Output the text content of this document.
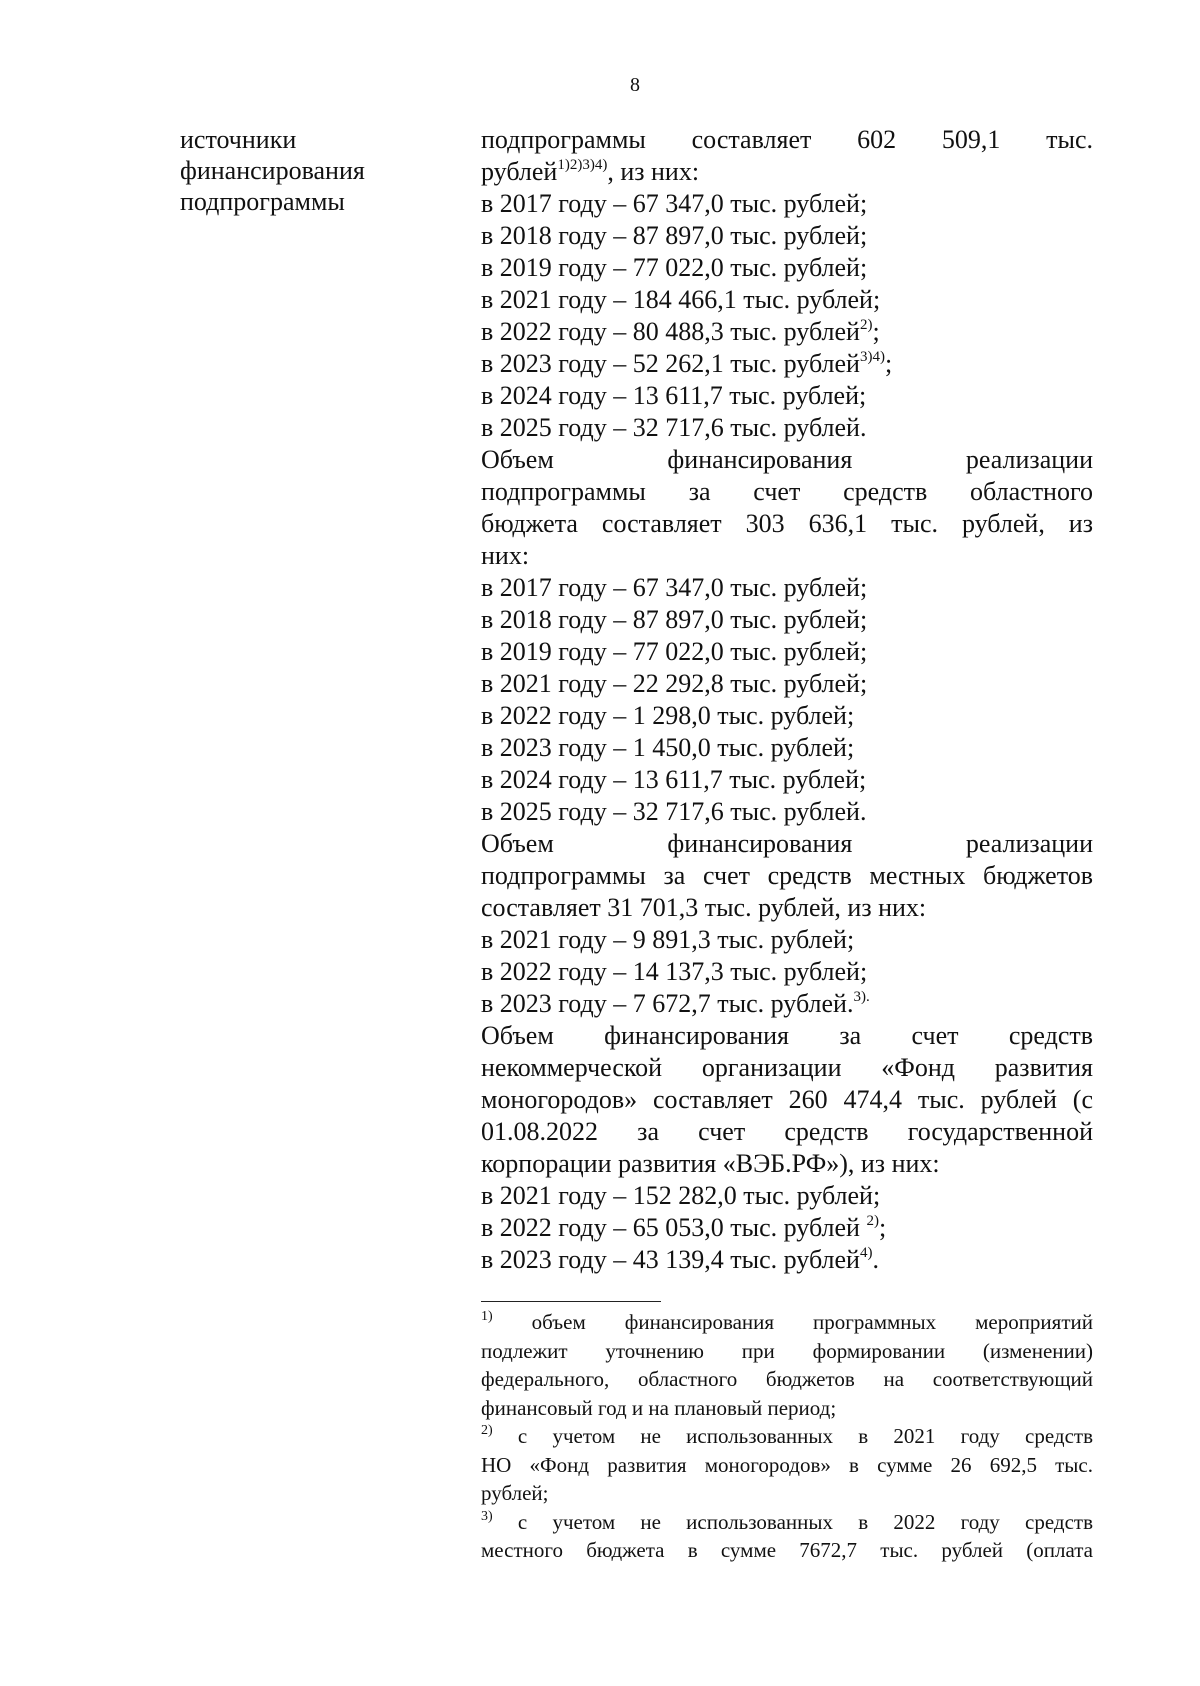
8
источники
финансирования
подпрограммы
подпрограммы составляет 602 509,1 тыс.
рублей$^{1)2)3)4)}$, из них:
в 2017 году – 67 347,0 тыс. рублей;
в 2018 году – 87 897,0 тыс. рублей;
в 2019 году – 77 022,0 тыс. рублей;
в 2021 году – 184 466,1 тыс. рублей;
в 2022 году – 80 488,3 тыс. рублей$^{2)}$;
в 2023 году – 52 262,1 тыс. рублей$^{3)4)}$;
в 2024 году – 13 611,7 тыс. рублей;
в 2025 году – 32 717,6 тыс. рублей.
Объем финансирования реализации
подпрограммы за счет средств областного
бюджета составляет 303 636,1 тыс. рублей, из
них:
в 2017 году – 67 347,0 тыс. рублей;
в 2018 году – 87 897,0 тыс. рублей;
в 2019 году – 77 022,0 тыс. рублей;
в 2021 году – 22 292,8 тыс. рублей;
в 2022 году – 1 298,0 тыс. рублей;
в 2023 году – 1 450,0 тыс. рублей;
в 2024 году – 13 611,7 тыс. рублей;
в 2025 году – 32 717,6 тыс. рублей.
Объем финансирования реализации
подпрограммы за счет средств местных бюджетов
составляет 31 701,3 тыс. рублей, из них:
в 2021 году – 9 891,3 тыс. рублей;
в 2022 году – 14 137,3 тыс. рублей;
в 2023 году – 7 672,7 тыс. рублей.$^{3).}$
Объем финансирования за счет средств
некоммерческой организации «Фонд развития
моногородов» составляет 260 474,4 тыс. рублей (с
01.08.2022 за счет средств государственной
корпорации развития «ВЭБ.РФ»), из них:
в 2021 году – 152 282,0 тыс. рублей;
в 2022 году – 65 053,0 тыс. рублей $^{2)}$;
в 2023 году – 43 139,4 тыс. рублей$^{4)}$.
$^{1)}$ объем финансирования программных мероприятий
подлежит уточнению при формировании (изменении)
федерального, областного бюджетов на соответствующий
финансовый год и на плановый период;
$^{2)}$ с учетом не использованных в 2021 году средств
НО «Фонд развития моногородов» в сумме 26 692,5 тыс.
рублей;
$^{3)}$ с учетом не использованных в 2022 году средств
местного бюджета в сумме 7672,7 тыс. рублей (оплата
